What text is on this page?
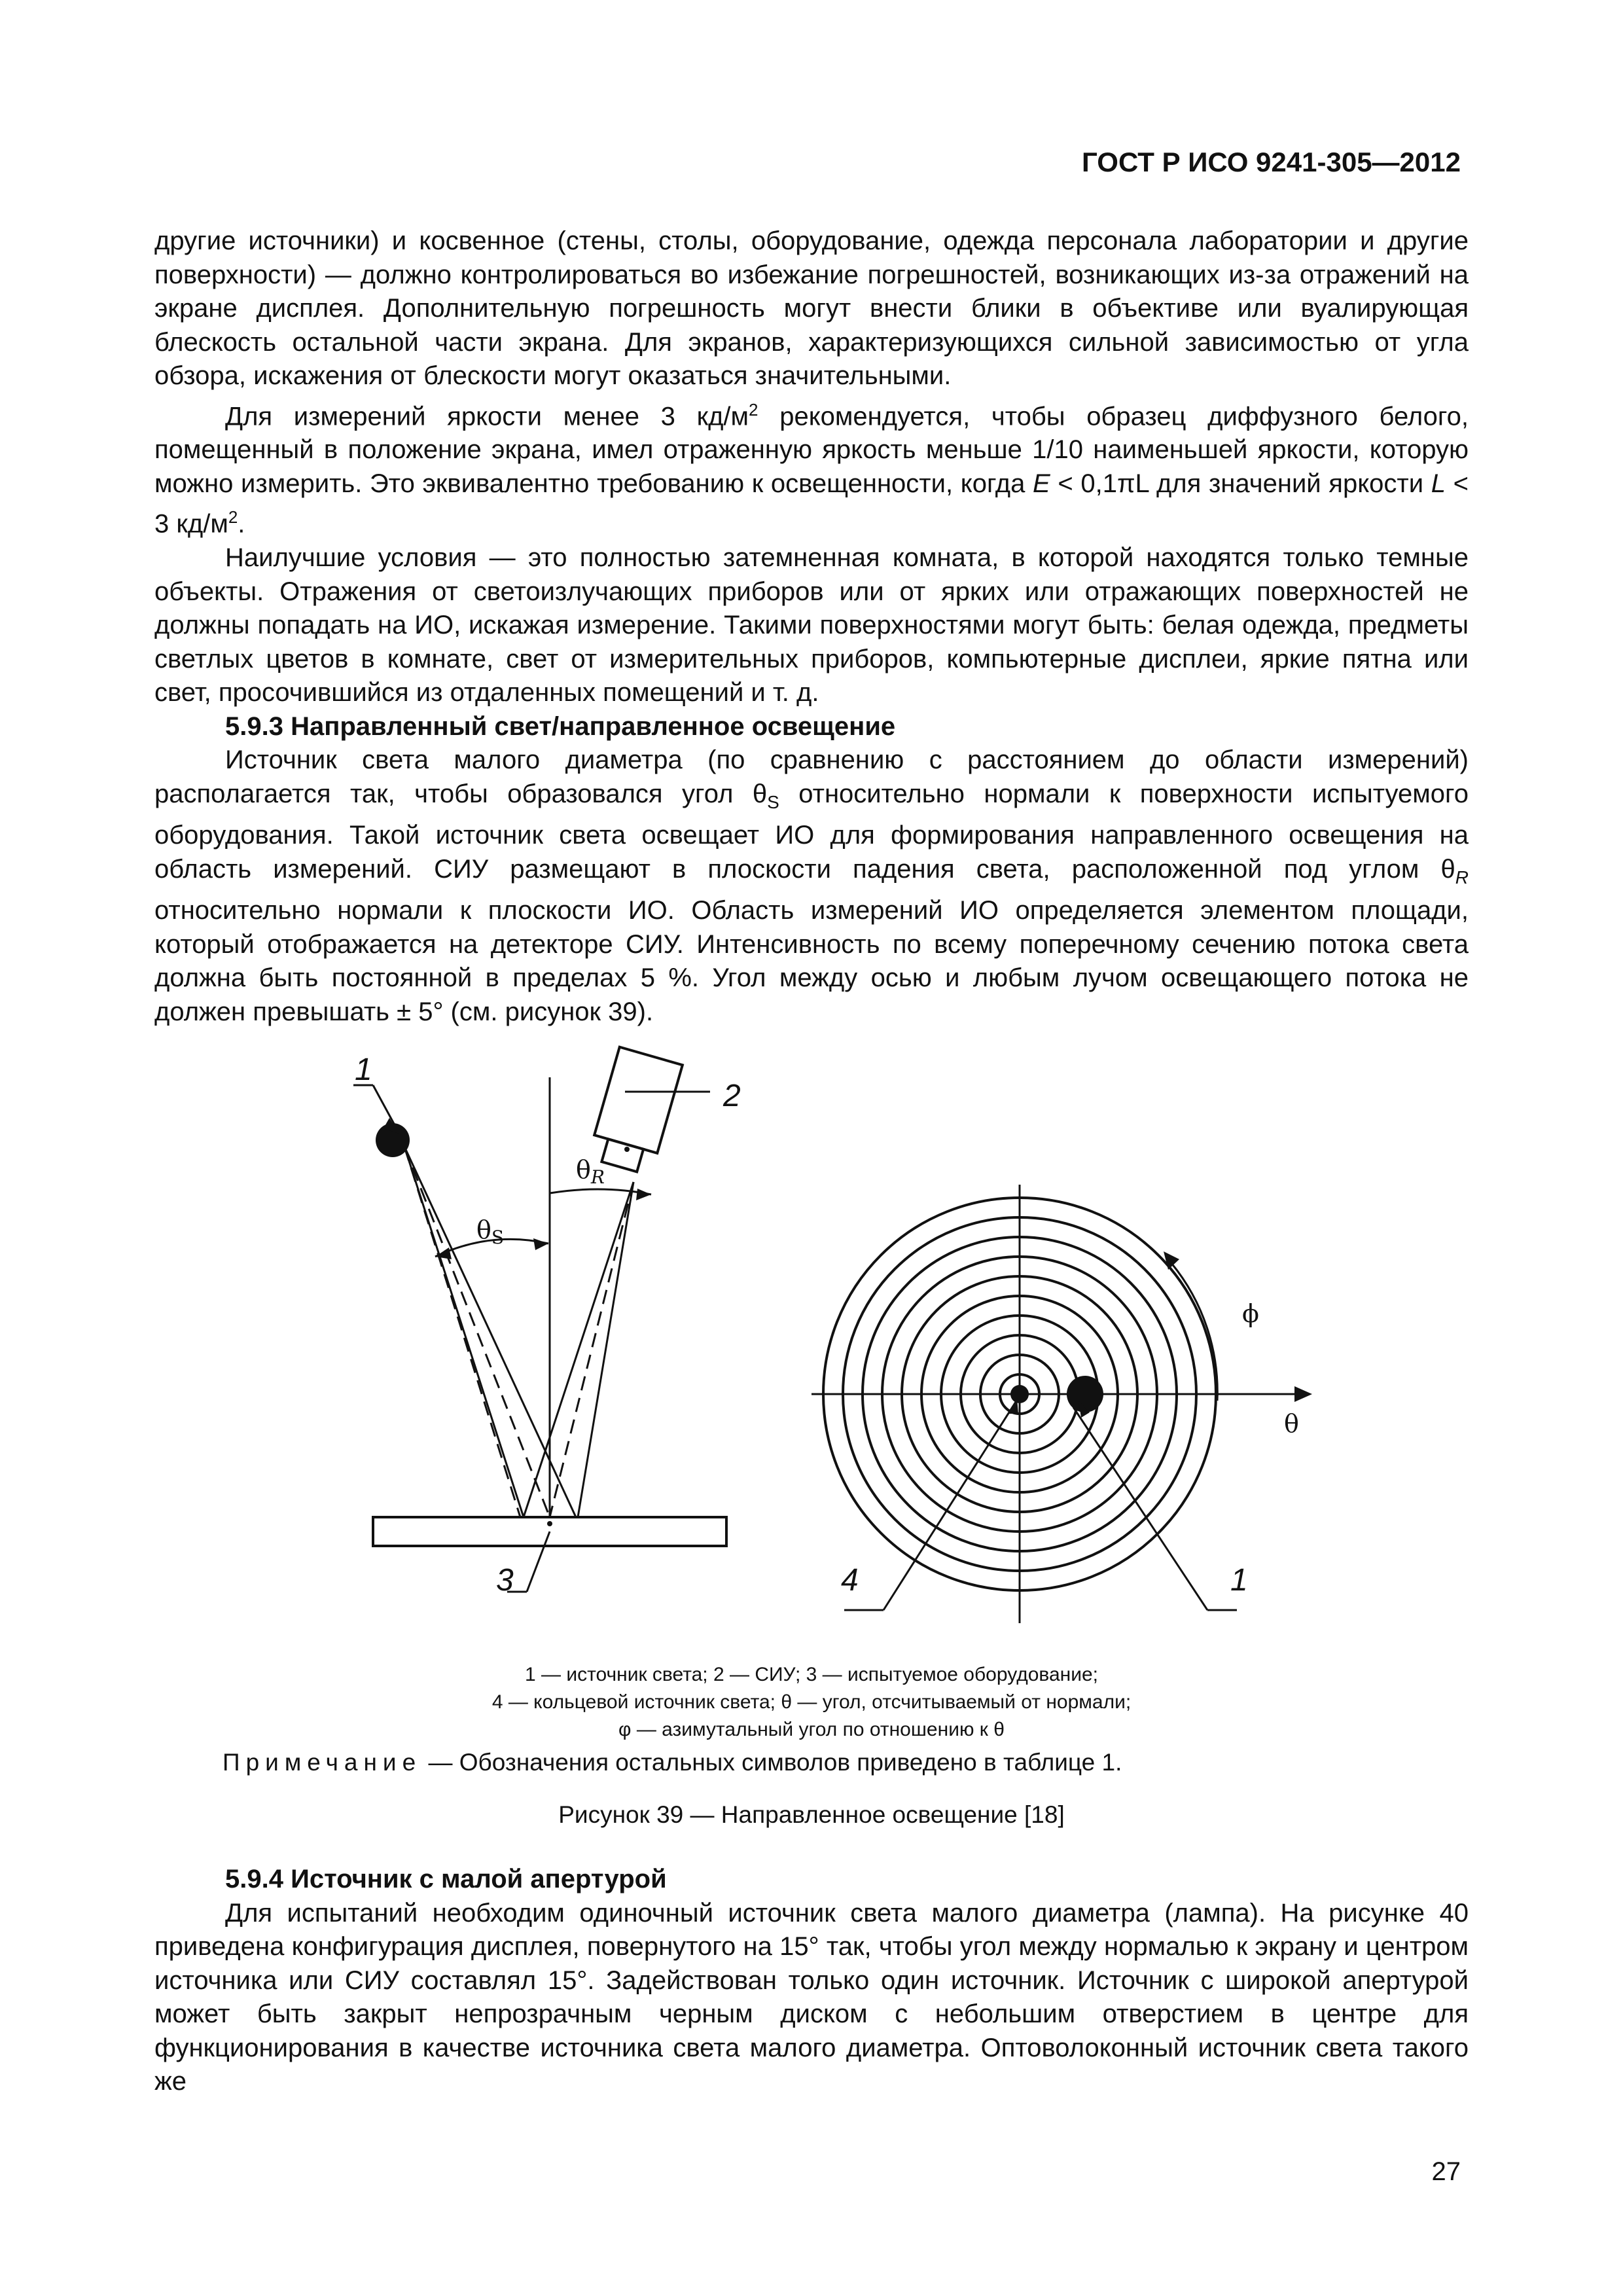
ГОСТ Р ИСО 9241-305—2012

другие источники) и косвенное (стены, столы, оборудование, одежда персонала лаборатории и другие поверхности) — должно контролироваться во избежание погрешностей, возникающих из-за отражений на экране дисплея. Дополнительную погрешность могут внести блики в объективе или вуалирующая блескость остальной части экрана. Для экранов, характеризующихся сильной зависимостью от угла обзора, искажения от блескости могут оказаться значительными.

Для измерений яркости менее 3 $кд/м^2$ рекомендуется, чтобы образец диффузного белого, помещенный в положение экрана, имел отраженную яркость меньше 1/10 наименьшей яркости, которую можно измерить. Это эквивалентно требованию к освещенности, когда E < 0,1πL для значений яркости L < 3 $кд/м^2$.

Наилучшие условия — это полностью затемненная комната, в которой находятся только темные объекты. Отражения от светоизлучающих приборов или от ярких или отражающих поверхностей не должны попадать на ИО, искажая измерение. Такими поверхностями могут быть: белая одежда, предметы светлых цветов в комнате, свет от измерительных приборов, компьютерные дисплеи, яркие пятна или свет, просочившийся из отдаленных помещений и т. д.

5.9.3 Направленный свет/направленное освещение

Источник света малого диаметра (по сравнению с расстоянием до области измерений) располагается так, чтобы образовался угол $\theta_S$ относительно нормали к поверхности испытуемого оборудования. Такой источник света освещает ИО для формирования направленного освещения на область измерений. СИУ размещают в плоскости падения света, расположенной под углом $\theta_R$ относительно нормали к плоскости ИО. Область измерений ИО определяется элементом площади, который отображается на детекторе СИУ. Интенсивность по всему поперечному сечению потока света должна быть постоянной в пределах 5 %. Угол между осью и любым лучом освещающего потока не должен превышать ± 5° (см. рисунок 39).

1
2
3	4	1
$\theta_R$
$\theta_S$
ϕ
θ
1 — источник света; 2 — СИУ; 3 — испытуемое оборудование;
4 — кольцевой источник света; θ — угол, отсчитываемый от нормали;
φ — азимутальный угол по отношению к θ
Примечание — Обозначения остальных символов приведено в таблице 1.
Рисунок 39 — Направленное освещение [18]
5.9.4 Источник с малой апертурой

Для испытаний необходим одиночный источник света малого диаметра (лампа). На рисунке 40 приведена конфигурация дисплея, повернутого на 15° так, чтобы угол между нормалью к экрану и центром источника или СИУ составлял 15°. Задействован только один источник. Источник с широкой апертурой может быть закрыт непрозрачным черным диском с небольшим отверстием в центре для функционирования в качестве источника света малого диаметра. Оптоволоконный источник света такого же

27
